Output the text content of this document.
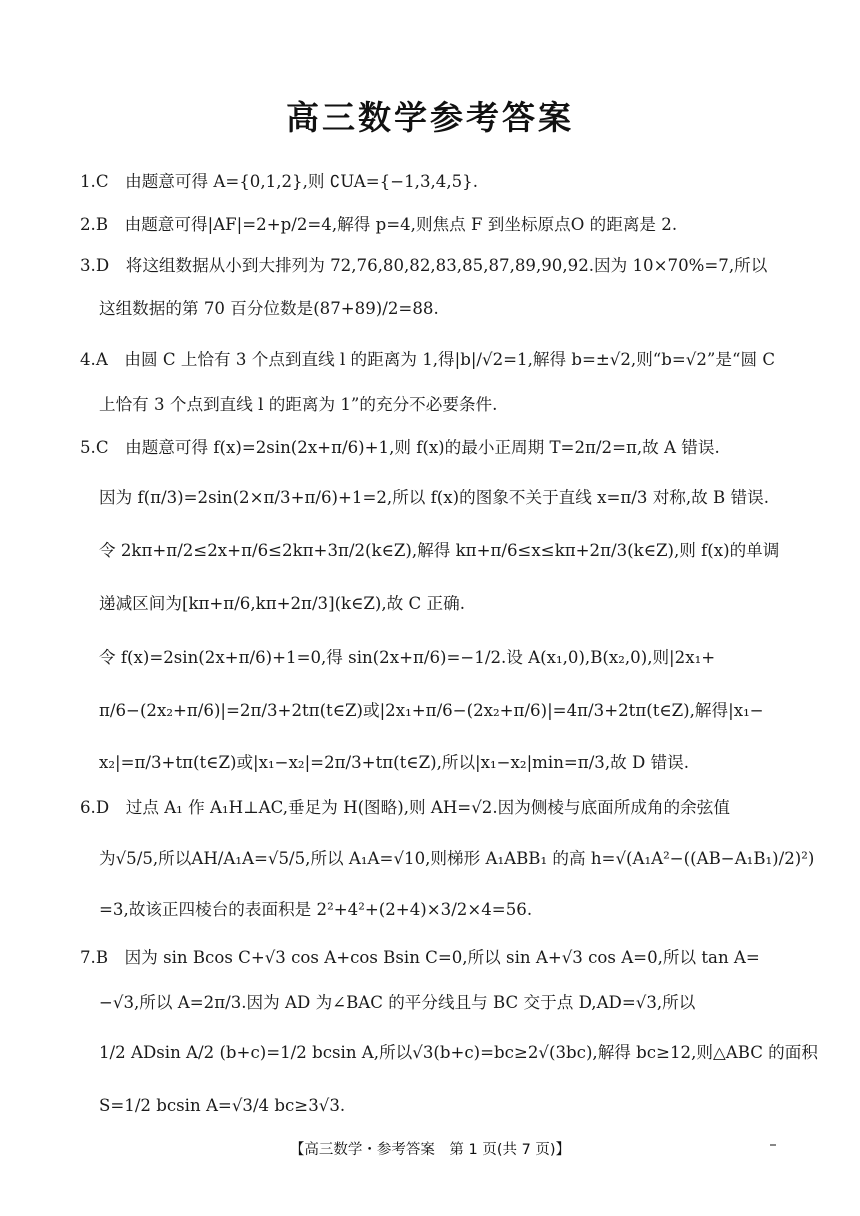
高三数学参考答案
1.C　由题意可得 A={0,1,2},则 ∁UA={−1,3,4,5}.
2.B　由题意可得|AF|=2+p/2=4,解得 p=4,则焦点 F 到坐标原点O 的距离是 2.
3.D　将这组数据从小到大排列为 72,76,80,82,83,85,87,89,90,92.因为 10×70%=7,所以
这组数据的第 70 百分位数是(87+89)/2=88.
4.A　由圆 C 上恰有 3 个点到直线 l 的距离为 1,得|b|/√2=1,解得 b=±√2,则“b=√2”是“圆 C
上恰有 3 个点到直线 l 的距离为 1”的充分不必要条件.
5.C　由题意可得 f(x)=2sin(2x+π/6)+1,则 f(x)的最小正周期 T=2π/2=π,故 A 错误.
因为 f(π/3)=2sin(2×π/3+π/6)+1=2,所以 f(x)的图象不关于直线 x=π/3 对称,故 B 错误.
令 2kπ+π/2≤2x+π/6≤2kπ+3π/2(k∈Z),解得 kπ+π/6≤x≤kπ+2π/3(k∈Z),则 f(x)的单调
递减区间为[kπ+π/6,kπ+2π/3](k∈Z),故 C 正确.
令 f(x)=2sin(2x+π/6)+1=0,得 sin(2x+π/6)=−1/2.设 A(x₁,0),B(x₂,0),则|2x₁+
π/6−(2x₂+π/6)|=2π/3+2tπ(t∈Z)或|2x₁+π/6−(2x₂+π/6)|=4π/3+2tπ(t∈Z),解得|x₁−
x₂|=π/3+tπ(t∈Z)或|x₁−x₂|=2π/3+tπ(t∈Z),所以|x₁−x₂|min=π/3,故 D 错误.
6.D　过点 A₁ 作 A₁H⊥AC,垂足为 H(图略),则 AH=√2.因为侧棱与底面所成角的余弦值
为√5/5,所以AH/A₁A=√5/5,所以 A₁A=√10,则梯形 A₁ABB₁ 的高 h=√(A₁A²−((AB−A₁B₁)/2)²)
=3,故该正四棱台的表面积是 2²+4²+(2+4)×3/2×4=56.
7.B　因为 sin Bcos C+√3 cos A+cos Bsin C=0,所以 sin A+√3 cos A=0,所以 tan A=
−√3,所以 A=2π/3.因为 AD 为∠BAC 的平分线且与 BC 交于点 D,AD=√3,所以
1/2 ADsin A/2 (b+c)=1/2 bcsin A,所以√3(b+c)=bc≥2√(3bc),解得 bc≥12,则△ABC 的面积
S=1/2 bcsin A=√3/4 bc≥3√3.
【高三数学・参考答案　第 1 页(共 7 页)】
